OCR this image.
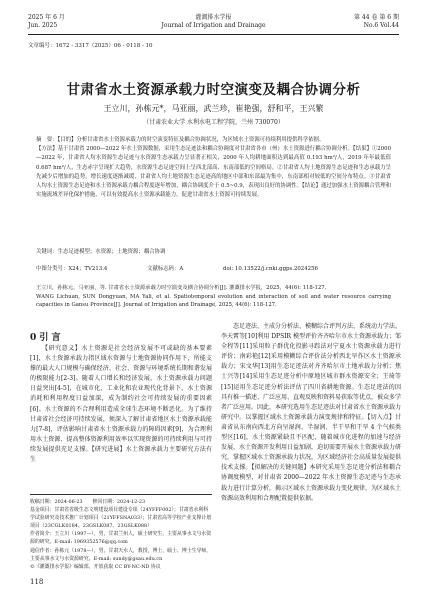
2025 年 6 月
Jun. 2025
灌溉排水学报
Journal of Irrigation and Drainage
第 44 卷 第 6 期
No.6 Vol.44
文章编号：1672 - 3317（2025）06 - 0118 - 10
甘肃省水土资源承载力时空演变及耦合协调分析
王立川，孙栋元*，马亚丽，武兰珍，崔艳强，舒和平，王兴繁
（甘肃农业大学 水利水电工程学院，兰州 730070）

摘　要：【目的】分析甘肃省水土资源承载力的时空演变特征及耦合协调状况，为区域水土资源可持续利用提供科学依据。

【方法】基于甘肃省 2000—2022 年水土资源数据，采用生态足迹法和耦合协调度对甘肃省各市（州）水土资源进行耦合协调分析。【结果】①2000—2022 年，甘肃省人均水资源生态足迹与水资源生态承载力呈显著正相关，2000 年人均耕地面积达到最高值 0.193 hm²/人，2019 年年最低值 0.687 hm²/人，生态赤字呈现扩大趋势，水资源生态足迹空间上呈西北部高、东南部低的空间格局。②甘肃省人均土地资源生态足迹和生态承载力呈先减少后增加的趋势，增长速度逐渐减缓，甘肃省人均土地资源生态足迹高的地区中部和东部最为集中，东南部相对较低的空间分布特点。③甘肃省人均水土资源生态足迹和水土资源承载力耦合程度逐年增加，耦合协调度介于 0.5~0.9，表现出良好的协调性。【结论】通过加强水土资源耦合管理和实施流域差异化保护措施，可以有效提高水土资源承载能力，促进甘肃省水土资源可持续发展。

关键词：生态足迹模型；水资源；土地资源；耦合协调
中图分类号：X24；TV213.4	文献标志码：A	doi: 10.13522/j.cnki.ggps.2024256

王立川，孙栋元，马亚丽，等. 甘肃省水土资源承载力时空演变及耦合协调分析[J]. 灌溉排水学报，2025，44(6): 118-127.

WANG Lichuan, SUN Dongyuan, MA Yali, et al. Spatiotemporal evolution and interaction of soil and water resource carrying capacities in Gansu Province[J]. Journal of Irrigation and Drainage, 2025, 44(6): 118-127.

0 引 言

【研究意义】水土资源是社会经济发展不可或缺的基本要素[1]，水土资源承载力指区域水资源与土地资源协同作用下，所能支撑的最大人口规模与确保经济、社会、资源与环境系统长期和谐发展的极限能力[2-3]。随着人口增长和经济发展，水土资源承载力问题日益突出[4-5]，在城市化、工业化和农业现代化背景下，水土资源消耗和利用程度日益加深，成为制约社会可持续发展的重要因素[6]。水土资源的不合理利用造成全球生态环境不断恶化。为了维持甘肃省社会经济可持续发展，须深入了解甘肃省地区水土资源承载能力[7-8]，评估影响甘肃省水土资源承载力的障碍因素[9]，为合理利用水土资源、提高整体资源利用效率以实现资源的可持续利用与可持续发展提供充足支撑。【研究进展】水土资源承载力主要研究方法有生

态足迹法、主成分分析法、模糊综合评判方法、系统动力学法。李天霄等[10]利用 DPSIR 模型评价齐齐哈尔市水土资源承载力；邹全程等[11]采用粒子群优化投影寻踪法对宁夏水土资源承载力进行评价；南彩艳[12]采用模糊综合评价法分析西北旱作区水土资源承载力；宋文华[13]用生态足迹法对齐齐哈尔市土地承载力分析；焦士兴等[14]采用生态足迹分析中原地区城市群水资源安全；王琦等[15]运用生态足迹分析法评估了四川省耕地资源。生态足迹法的因具有推一描述、广泛应用、直观反映和资料易获取等优点，被众多学者广泛应用。因此，本研究选用生态足迹法对甘肃省水土资源承载力研究中。以掌握区域水土资源承载力演变规律和特征。【切入点】甘肃省从东南向西北方向呈湿润、半湿润、半干旱和干旱 4 个气候类型区[16]，水土资源紧缺且不匹配，随着城市化进程的加速与经济发展，水土资源开发利用日益加剧，迫切需要开展水土资源承载力研究，掌握区域水土资源承载力状况，为区域经济社会高质量发展提供技术支撑。【拟解决的关键问题】本研究采用生态足迹分析法和耦合协调度模型，对甘肃省 2000—2022 年水土资源生态足迹与生态承载力进行计算分析，揭示区域水土资源承载力变化规律，为区域水土资源高效利用和合理配置提供依据。

收稿日期：2024-06-23　　修回日期：2024-12-23

基金项目：甘肃省省级生态文明建设项目建设专项（24YFFF002）；甘肃省水利科学试验研究及技术推广计划项目（21YFFSNA033）；甘肃省高等学校产业支撑计划项目（23CGLK0184、23GSLK087、23GSLK088）

作者简介：王立川（1997—），男，甘肃兰州人，硕士研究生，主要从事水文与水资源的研究。E-mail: 1969352576@qq.com

通信作者：孙栋元（1978—），男，甘肃天水人，教授，博士，硕士、博士生导师，主要从事水文与水资源研究。E-mail: sundy@gsau.edu.cn

©《灌溉排水学报》编辑部，开放获取 CC BY-NC-ND 协议

118
